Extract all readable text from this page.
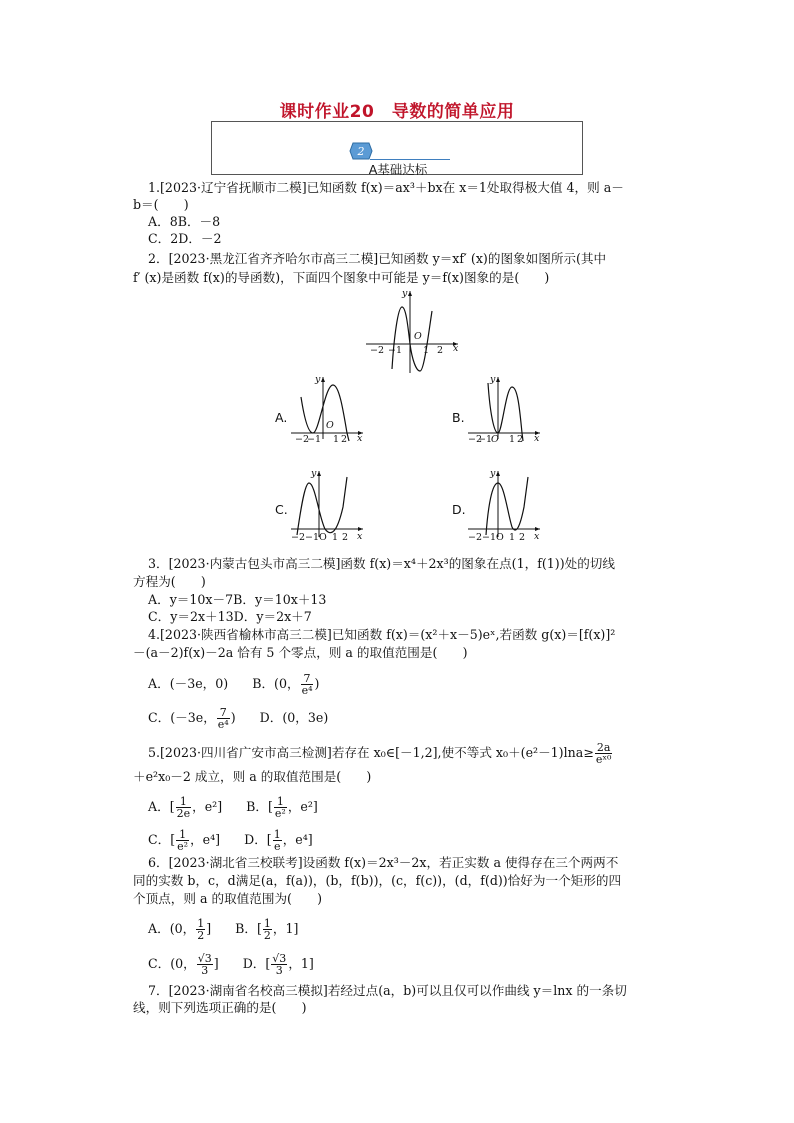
课时作业20　导数的简单应用
2
A基础达标
1.[2023·辽宁省抚顺市二模]已知函数 f(x)＝ax³＋bx在 x＝1处取得极大值 4，则 a－
b＝(　　)
A．8B．－8
C．2D．－2
2．[2023·黑龙江省齐齐哈尔市高三二模]已知函数 y＝xf′ (x)的图象如图所示(其中
f′ (x)是函数 f(x)的导函数)，下面四个图象中可能是 y＝f(x)图象的是(　　)
y
x
O
−2 −1 1 2
A.
y
x
O
−2
−1 1 2
B.
y
x
−2
−1
O 1 2
C.
y
x
−2 −1O 1 2
D.
y
x
−2 −1O 1 2
3．[2023·内蒙古包头市高三二模]函数 f(x)＝x⁴＋2x³的图象在点(1，f(1))处的切线
方程为(　　)
A．y＝10x－7B．y＝10x＋13
C．y＝2x＋13D．y＝2x＋7
4.[2023·陕西省榆林市高三二模]已知函数 f(x)＝(x²＋x－5)eˣ,若函数 g(x)＝[f(x)]²
－(a－2)f(x)－2a 恰有 5 个零点，则 a 的取值范围是(　　)
A．(－3e，0) B．(0， $\frac{7}{\text{e⁴}}$ )
C．(－3e， $\frac{7}{\text{e⁴}}$ ) D．(0，3e)
5.[2023·四川省广安市高三检测]若存在 x₀∈[－1,2],使不等式 $x_0+(e^2-1)\ln a\ge \frac{2a}{\text{eˣ⁰}}$
＋e²x₀－2 成立，则 a 的取值范围是(　　)
A．[ $\frac{1}{2e}$ ，e²] B．[ $\frac{1}{\text{e²}}$ ，e²]
C．[ $\frac{1}{\text{e²}}$ ，e⁴] D．[ $\frac{1}{e}$ ，e⁴]
6．[2023·湖北省三校联考]设函数 f(x)＝2x³－2x，若正实数 a 使得存在三个两两不
同的实数 b，c，d满足(a，f(a))，(b，f(b))，(c，f(c))，(d，f(d))恰好为一个矩形的四
个顶点，则 a 的取值范围为(　　)
A．(0， $\frac{1}{2}$ ] B．[ $\frac{1}{2}$ ，1]
C．(0， $\frac{√3}{3}$ ] D．[ $\frac{√3}{3}$ ，1]
7．[2023·湖南省名校高三模拟]若经过点(a，b)可以且仅可以作曲线 y＝lnx 的一条切
线，则下列选项正确的是(　　)
